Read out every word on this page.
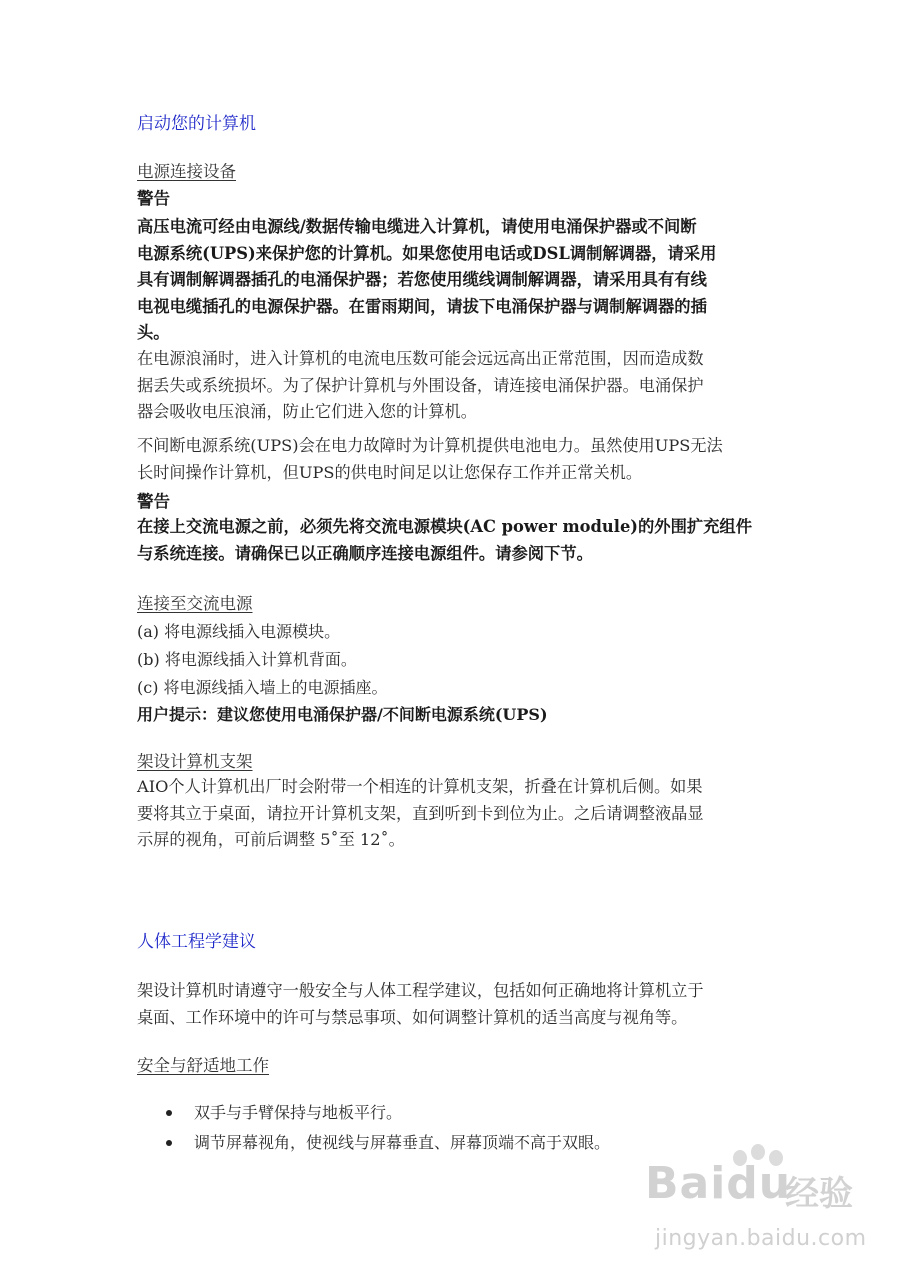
启动您的计算机
电源连接设备
警告
高压电流可经由电源线/数据传输电缆进入计算机，请使用电涌保护器或不间断
电源系统(UPS)来保护您的计算机。如果您使用电话或DSL调制解调器，请采用
具有调制解调器插孔的电涌保护器；若您使用缆线调制解调器，请采用具有有线
电视电缆插孔的电源保护器。在雷雨期间，请拔下电涌保护器与调制解调器的插
头。
在电源浪涌时，进入计算机的电流电压数可能会远远高出正常范围，因而造成数
据丢失或系统损坏。为了保护计算机与外围设备，请连接电涌保护器。电涌保护
器会吸收电压浪涌，防止它们进入您的计算机。
不间断电源系统(UPS)会在电力故障时为计算机提供电池电力。虽然使用UPS无法
长时间操作计算机，但UPS的供电时间足以让您保存工作并正常关机。
警告
在接上交流电源之前，必须先将交流电源模块(AC power module)的外围扩充组件
与系统连接。请确保已以正确顺序连接电源组件。请参阅下节。
连接至交流电源
(a) 将电源线插入电源模块。
(b) 将电源线插入计算机背面。
(c) 将电源线插入墙上的电源插座。
用户提示：建议您使用电涌保护器/不间断电源系统(UPS)
架设计算机支架
AIO个人计算机出厂时会附带一个相连的计算机支架，折叠在计算机后侧。如果
要将其立于桌面，请拉开计算机支架，直到听到卡到位为止。之后请调整液晶显
示屏的视角，可前后调整 5˚至 12˚。
人体工程学建议
架设计算机时请遵守一般安全与人体工程学建议，包括如何正确地将计算机立于
桌面、工作环境中的许可与禁忌事项、如何调整计算机的适当高度与视角等。
安全与舒适地工作
双手与手臂保持与地板平行。
调节屏幕视角，使视线与屏幕垂直、屏幕顶端不高于双眼。
Baidu
经验
jingyan.baidu.com
